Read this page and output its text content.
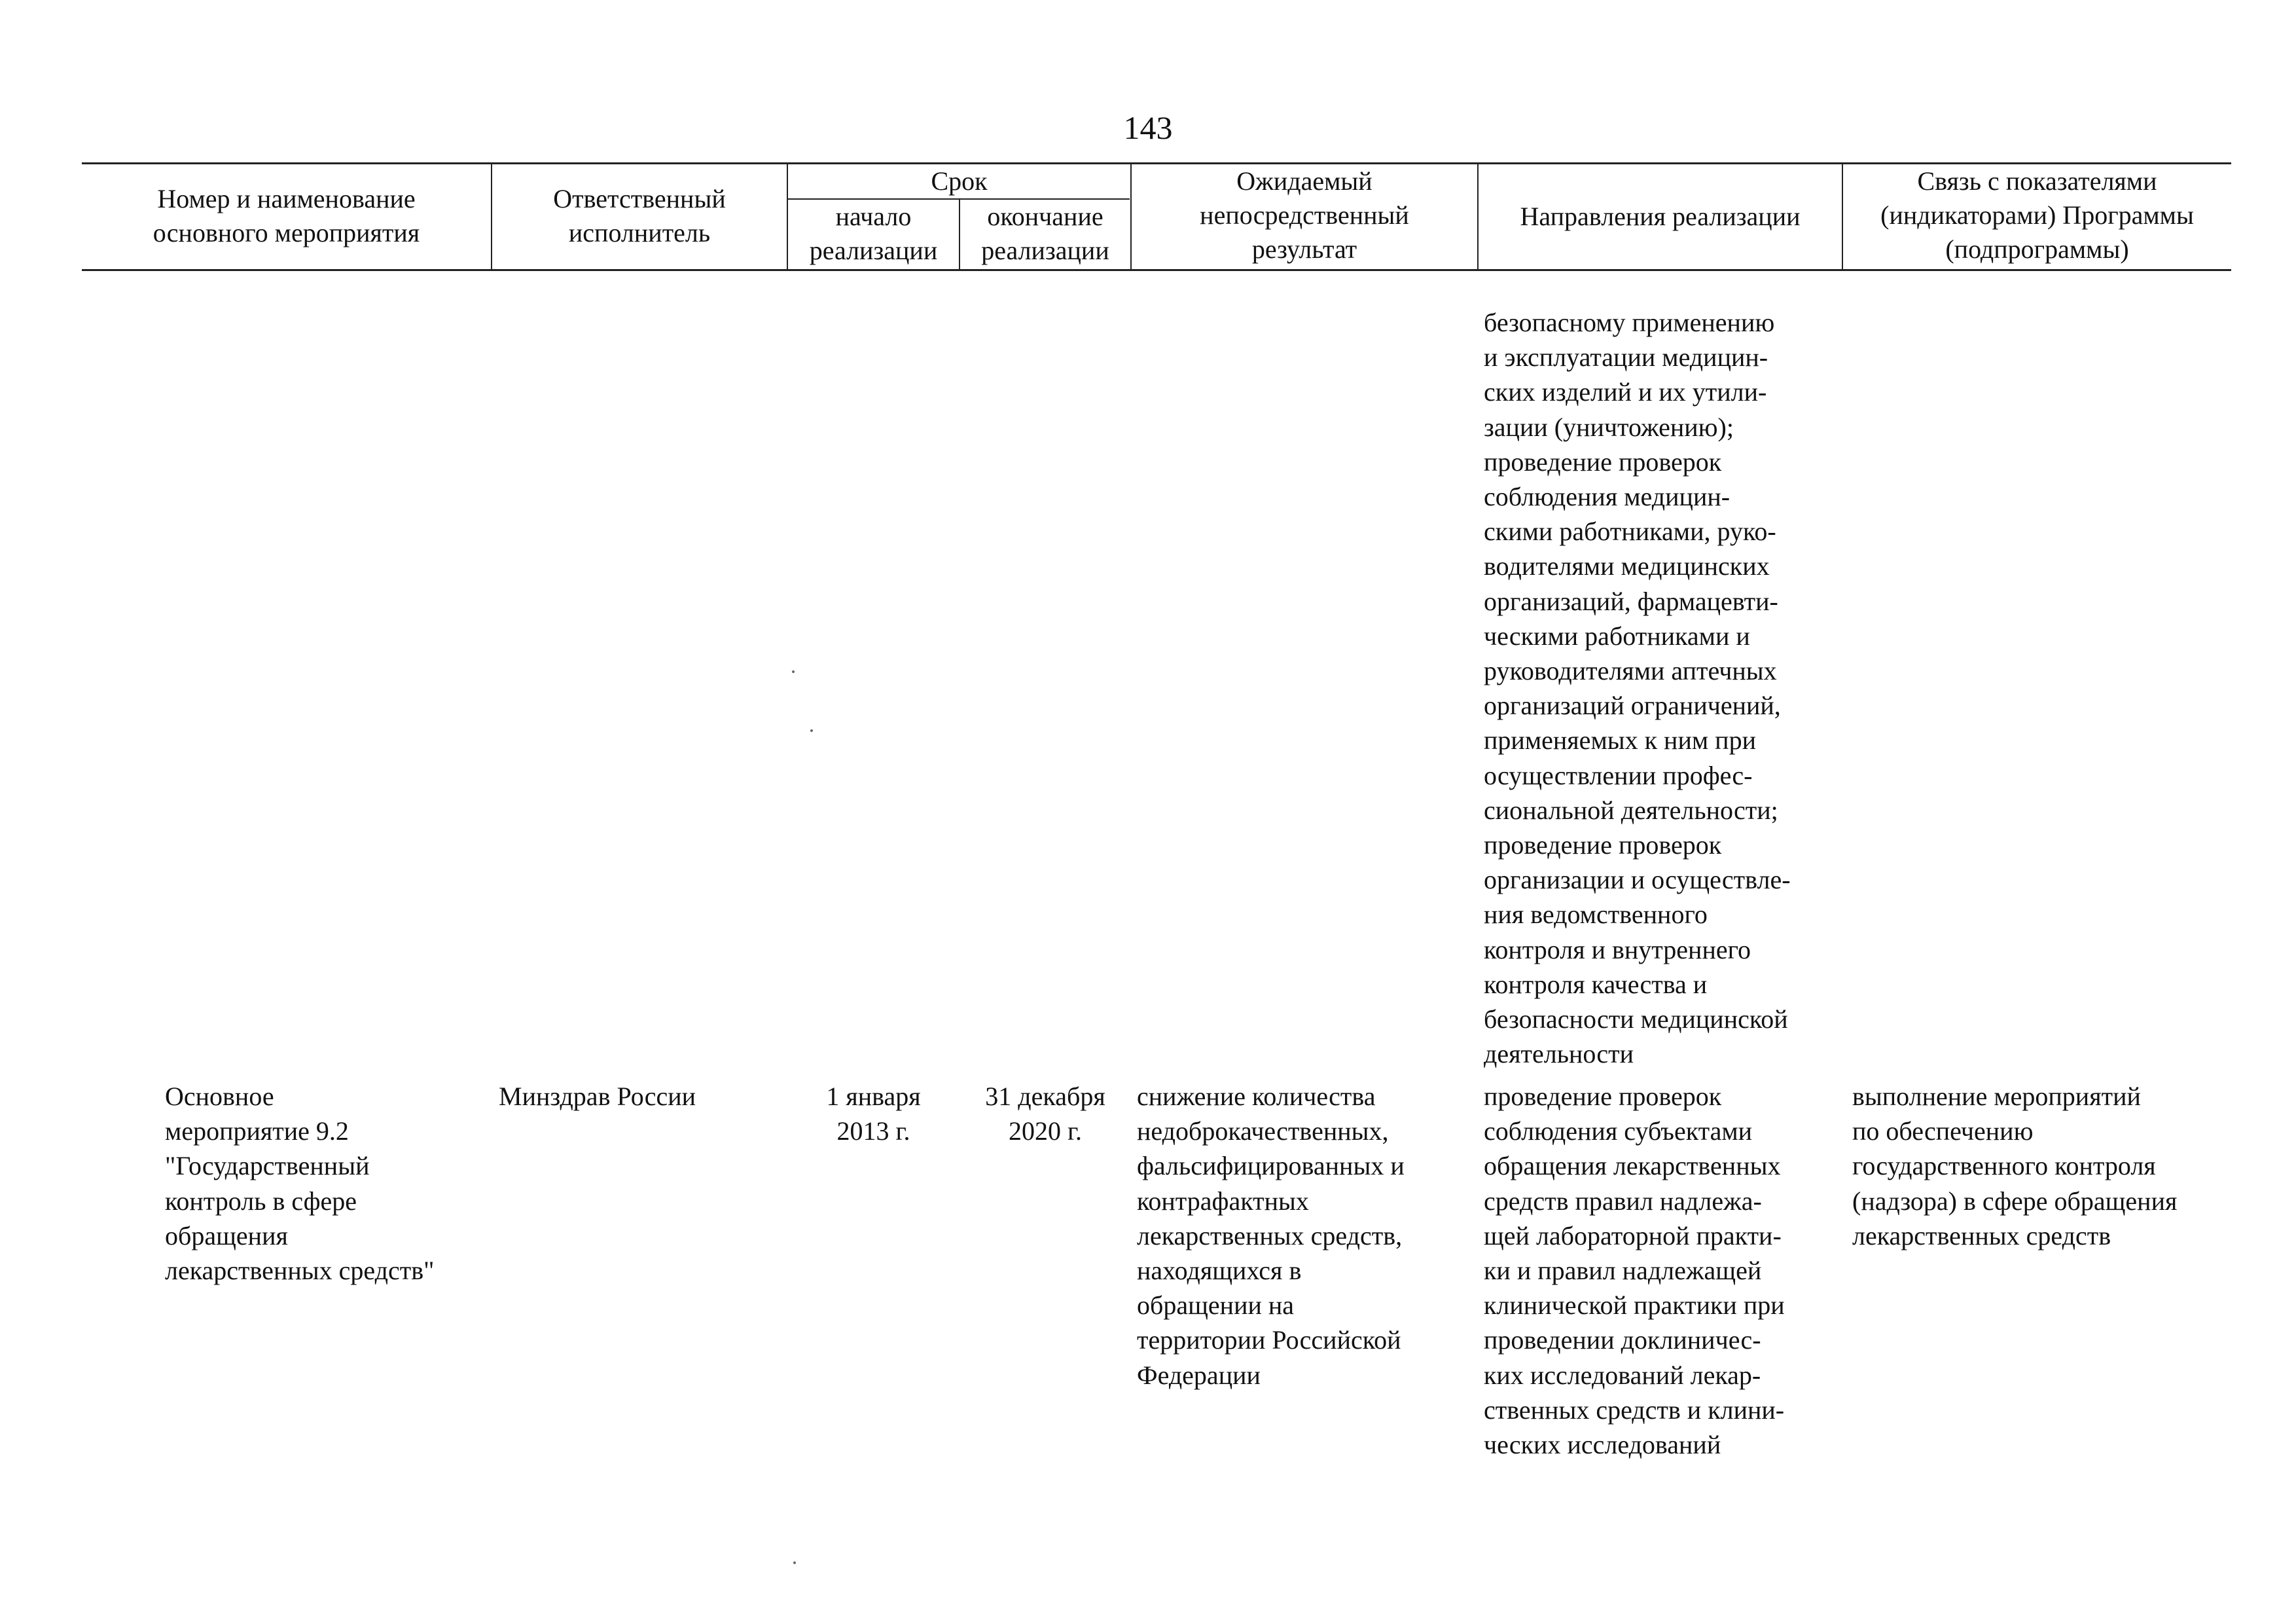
143
Номер и наименование
основного мероприятия
Ответственный
исполнитель
Срок
начало
реализации
окончание
реализации
Ожидаемый
непосредственный
результат
Направления реализации
Связь с показателями
(индикаторами) Программы
(подпрограммы)
безопасному применению
и эксплуатации медицин-
ских изделий и их утили-
зации (уничтожению);
проведение проверок
соблюдения медицин-
скими работниками, руко-
водителями медицинских
организаций, фармацевти-
ческими работниками и
руководителями аптечных
организаций ограничений,
применяемых к ним при
осуществлении профес-
сиональной деятельности;
проведение проверок
организации и осуществле-
ния ведомственного
контроля и внутреннего
контроля качества и
безопасности медицинской
деятельности
Основное
мероприятие 9.2
"Государственный
контроль в сфере
обращения
лекарственных средств"
Минздрав России	1 января
2013 г.
31 декабря
2020 г.
снижение количества
недоброкачественных,
фальсифицированных и
контрафактных
лекарственных средств,
находящихся в
обращении на
территории Российской
Федерации
проведение проверок
соблюдения субъектами
обращения лекарственных
средств правил надлежа-
щей лабораторной практи-
ки и правил надлежащей
клинической практики при
проведении доклиничес-
ких исследований лекар-
ственных средств и клини-
ческих исследований
выполнение мероприятий
по обеспечению
государственного контроля
(надзора) в сфере обращения
лекарственных средств
